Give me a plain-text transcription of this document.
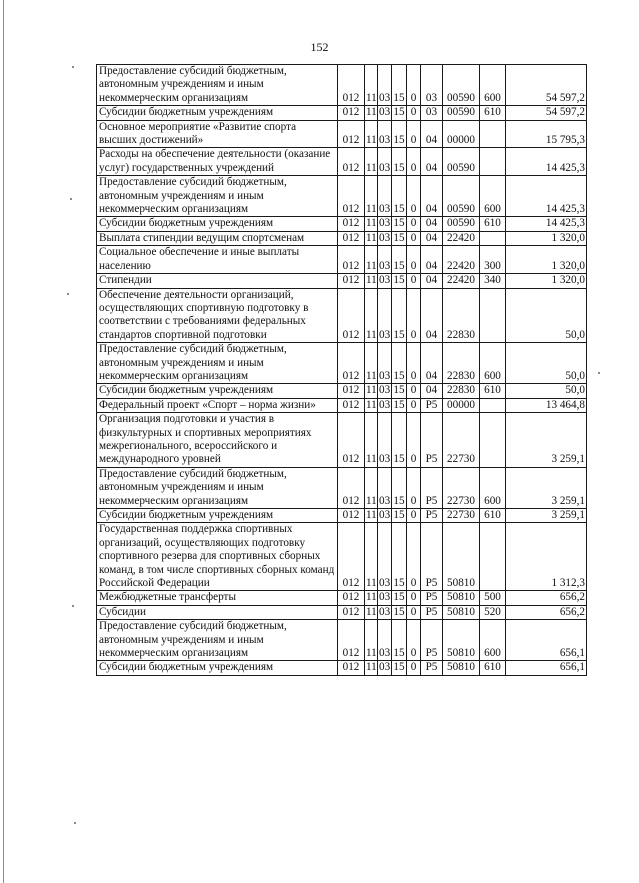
152
Предоставление субсидий бюджетным, автономным учреждениям и иным некоммерческим организациям	012	11	03	15	0	03	00590	600	54 597,2
Субсидии бюджетным учреждениям	012	11	03	15	0	03	00590	610	54 597,2
Основное мероприятие «Развитие спорта высших достижений»	012	11	03	15	0	04	00000		15 795,3
Расходы на обеспечение деятельности (оказание услуг) государственных учреждений	012	11	03	15	0	04	00590		14 425,3
Предоставление субсидий бюджетным, автономным учреждениям и иным некоммерческим организациям	012	11	03	15	0	04	00590	600	14 425,3
Субсидии бюджетным учреждениям	012	11	03	15	0	04	00590	610	14 425,3
Выплата стипендии ведущим спортсменам	012	11	03	15	0	04	22420		1 320,0
Социальное обеспечение и иные выплаты населению	012	11	03	15	0	04	22420	300	1 320,0
Стипендии	012	11	03	15	0	04	22420	340	1 320,0
Обеспечение деятельности организаций, осуществляющих спортивную подготовку в соответствии с требованиями федеральных стандартов спортивной подготовки	012	11	03	15	0	04	22830		50,0
Предоставление субсидий бюджетным, автономным учреждениям и иным некоммерческим организациям	012	11	03	15	0	04	22830	600	50,0
Субсидии бюджетным учреждениям	012	11	03	15	0	04	22830	610	50,0
Федеральный проект «Спорт – норма жизни»	012	11	03	15	0	P5	00000		13 464,8
Организация подготовки и участия в физкультурных и спортивных мероприятиях межрегионального, всероссийского и международного уровней	012	11	03	15	0	P5	22730		3 259,1
Предоставление субсидий бюджетным, автономным учреждениям и иным некоммерческим организациям	012	11	03	15	0	P5	22730	600	3 259,1
Субсидии бюджетным учреждениям	012	11	03	15	0	P5	22730	610	3 259,1
Государственная поддержка спортивных организаций, осуществляющих подготовку спортивного резерва для спортивных сборных команд, в том числе спортивных сборных команд Российской Федерации	012	11	03	15	0	P5	50810		1 312,3
Межбюджетные трансферты	012	11	03	15	0	P5	50810	500	656,2
Субсидии	012	11	03	15	0	P5	50810	520	656,2
Предоставление субсидий бюджетным, автономным учреждениям и иным некоммерческим организациям	012	11	03	15	0	P5	50810	600	656,1
Субсидии бюджетным учреждениям	012	11	03	15	0	P5	50810	610	656,1
